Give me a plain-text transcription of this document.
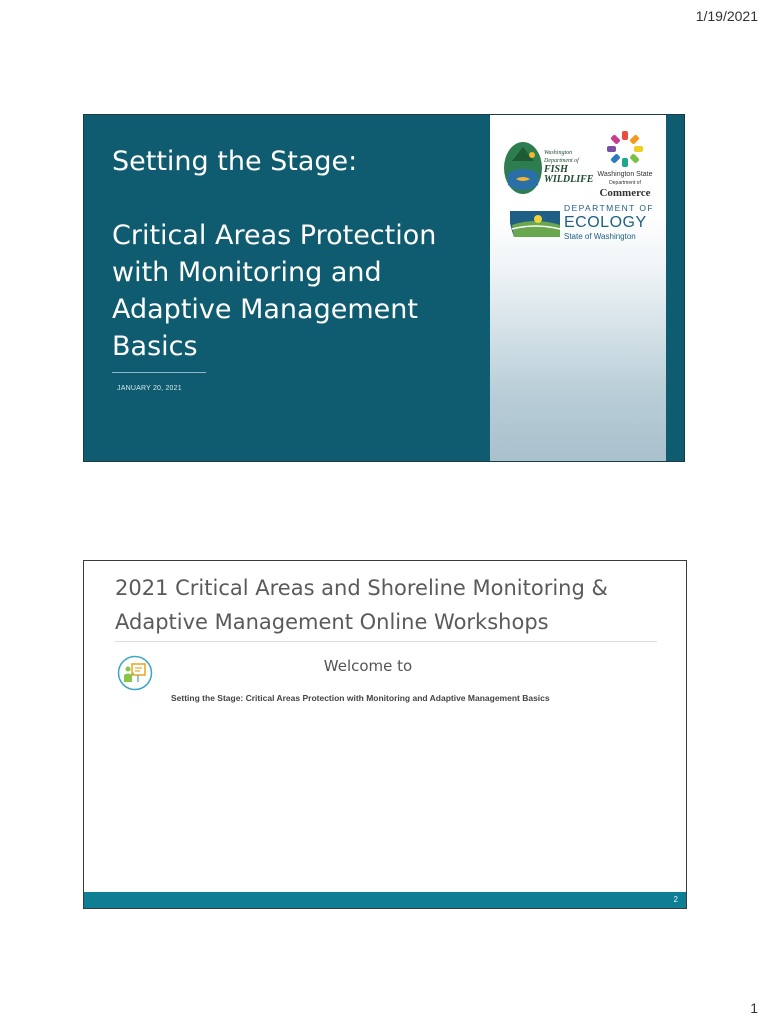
1/19/2021
Setting the Stage:
Critical Areas Protection with Monitoring and Adaptive Management Basics
JANUARY 20, 2021
Washington
Department of
FISH
WILDLIFE Washington State
Department of
Commerce
DEPARTMENT OF
ECOLOGY
State of Washington
2021 Critical Areas and Shoreline Monitoring & Adaptive Management Online Workshops
Welcome to
Setting the Stage: Critical Areas Protection with Monitoring and Adaptive Management Basics
2
1
